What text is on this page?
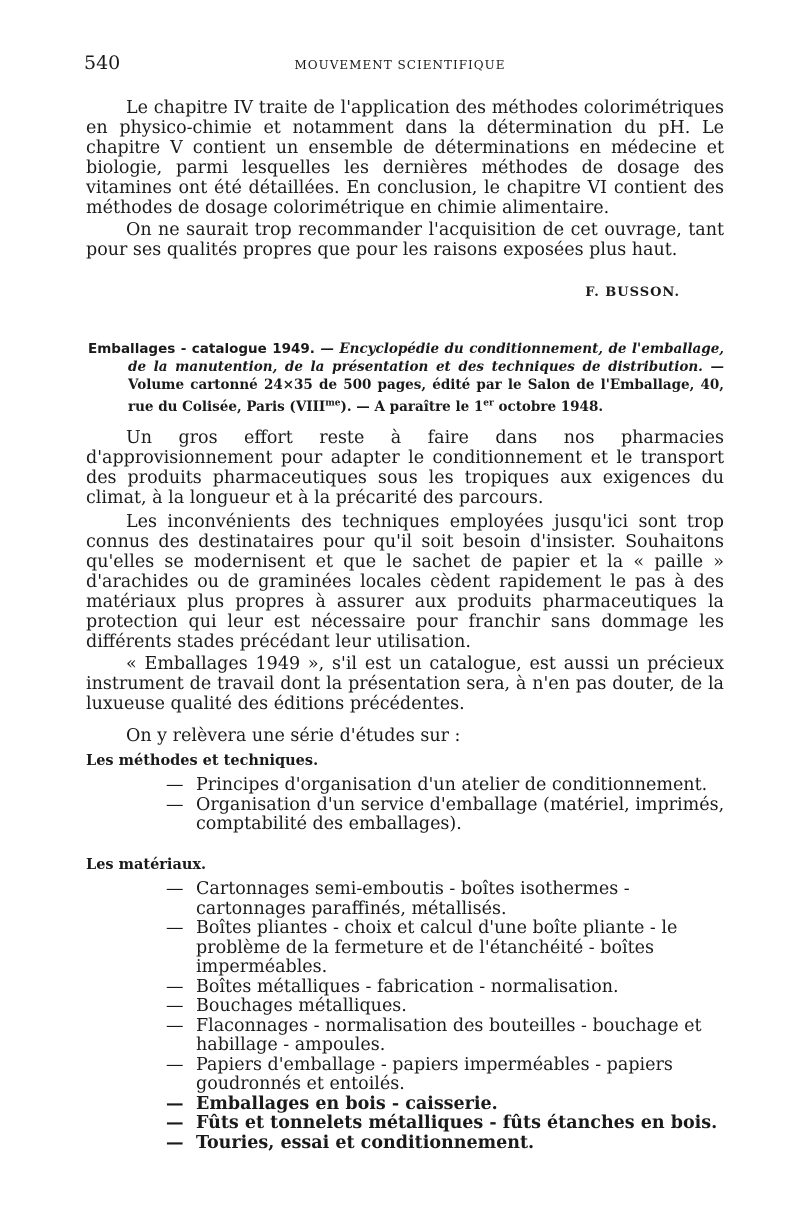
540	MOUVEMENT SCIENTIFIQUE

Le chapitre IV traite de l'application des méthodes colorimétriques en physico-chimie et notamment dans la détermination du pH. Le chapitre V contient un ensemble de déterminations en médecine et biologie, parmi lesquelles les dernières méthodes de dosage des vitamines ont été détaillées. En conclusion, le chapitre VI contient des méthodes de dosage colorimétrique en chimie alimentaire.

On ne saurait trop recommander l'acquisition de cet ouvrage, tant pour ses qualités propres que pour les raisons exposées plus haut.

F. BUSSON.
Emballages - catalogue 1949. — Encyclopédie du conditionnement, de l'emballage, de la manutention, de la présentation et des techniques de distribution. — Volume cartonné 24×35 de 500 pages, édité par le Salon de l'Emballage, 40, rue du Colisée, Paris $(VIII^{me})$. — A paraître le 1er octobre 1948.

Un gros effort reste à faire dans nos pharmacies d'approvisionnement pour adapter le conditionnement et le transport des produits pharmaceutiques sous les tropiques aux exigences du climat, à la longueur et à la précarité des parcours.

Les inconvénients des techniques employées jusqu'ici sont trop connus des destinataires pour qu'il soit besoin d'insister. Souhaitons qu'elles se modernisent et que le sachet de papier et la « paille » d'arachides ou de graminées locales cèdent rapidement le pas à des matériaux plus propres à assurer aux produits pharmaceutiques la protection qui leur est nécessaire pour franchir sans dommage les différents stades précédant leur utilisation.

« Emballages 1949 », s'il est un catalogue, est aussi un précieux instrument de travail dont la présentation sera, à n'en pas douter, de la luxueuse qualité des éditions précédentes.

On y relèvera une série d'études sur :

Les méthodes et techniques.
— Principes d'organisation d'un atelier de conditionnement.
— Organisation d'un service d'emballage (matériel, imprimés, comptabilité des emballages).
Les matériaux.
— Cartonnages semi-emboutis - boîtes isothermes - cartonnages paraffinés, métallisés.
— Boîtes pliantes - choix et calcul d'une boîte pliante - le problème de la fermeture et de l'étanchéité - boîtes imperméables.
— Boîtes métalliques - fabrication - normalisation.
— Bouchages métalliques.
— Flaconnages - normalisation des bouteilles - bouchage et habillage - ampoules.
— Papiers d'emballage - papiers imperméables - papiers goudronnés et entoilés.
— Emballages en bois - caisserie.
— Fûts et tonnelets métalliques - fûts étanches en bois.
— Touries, essai et conditionnement.
